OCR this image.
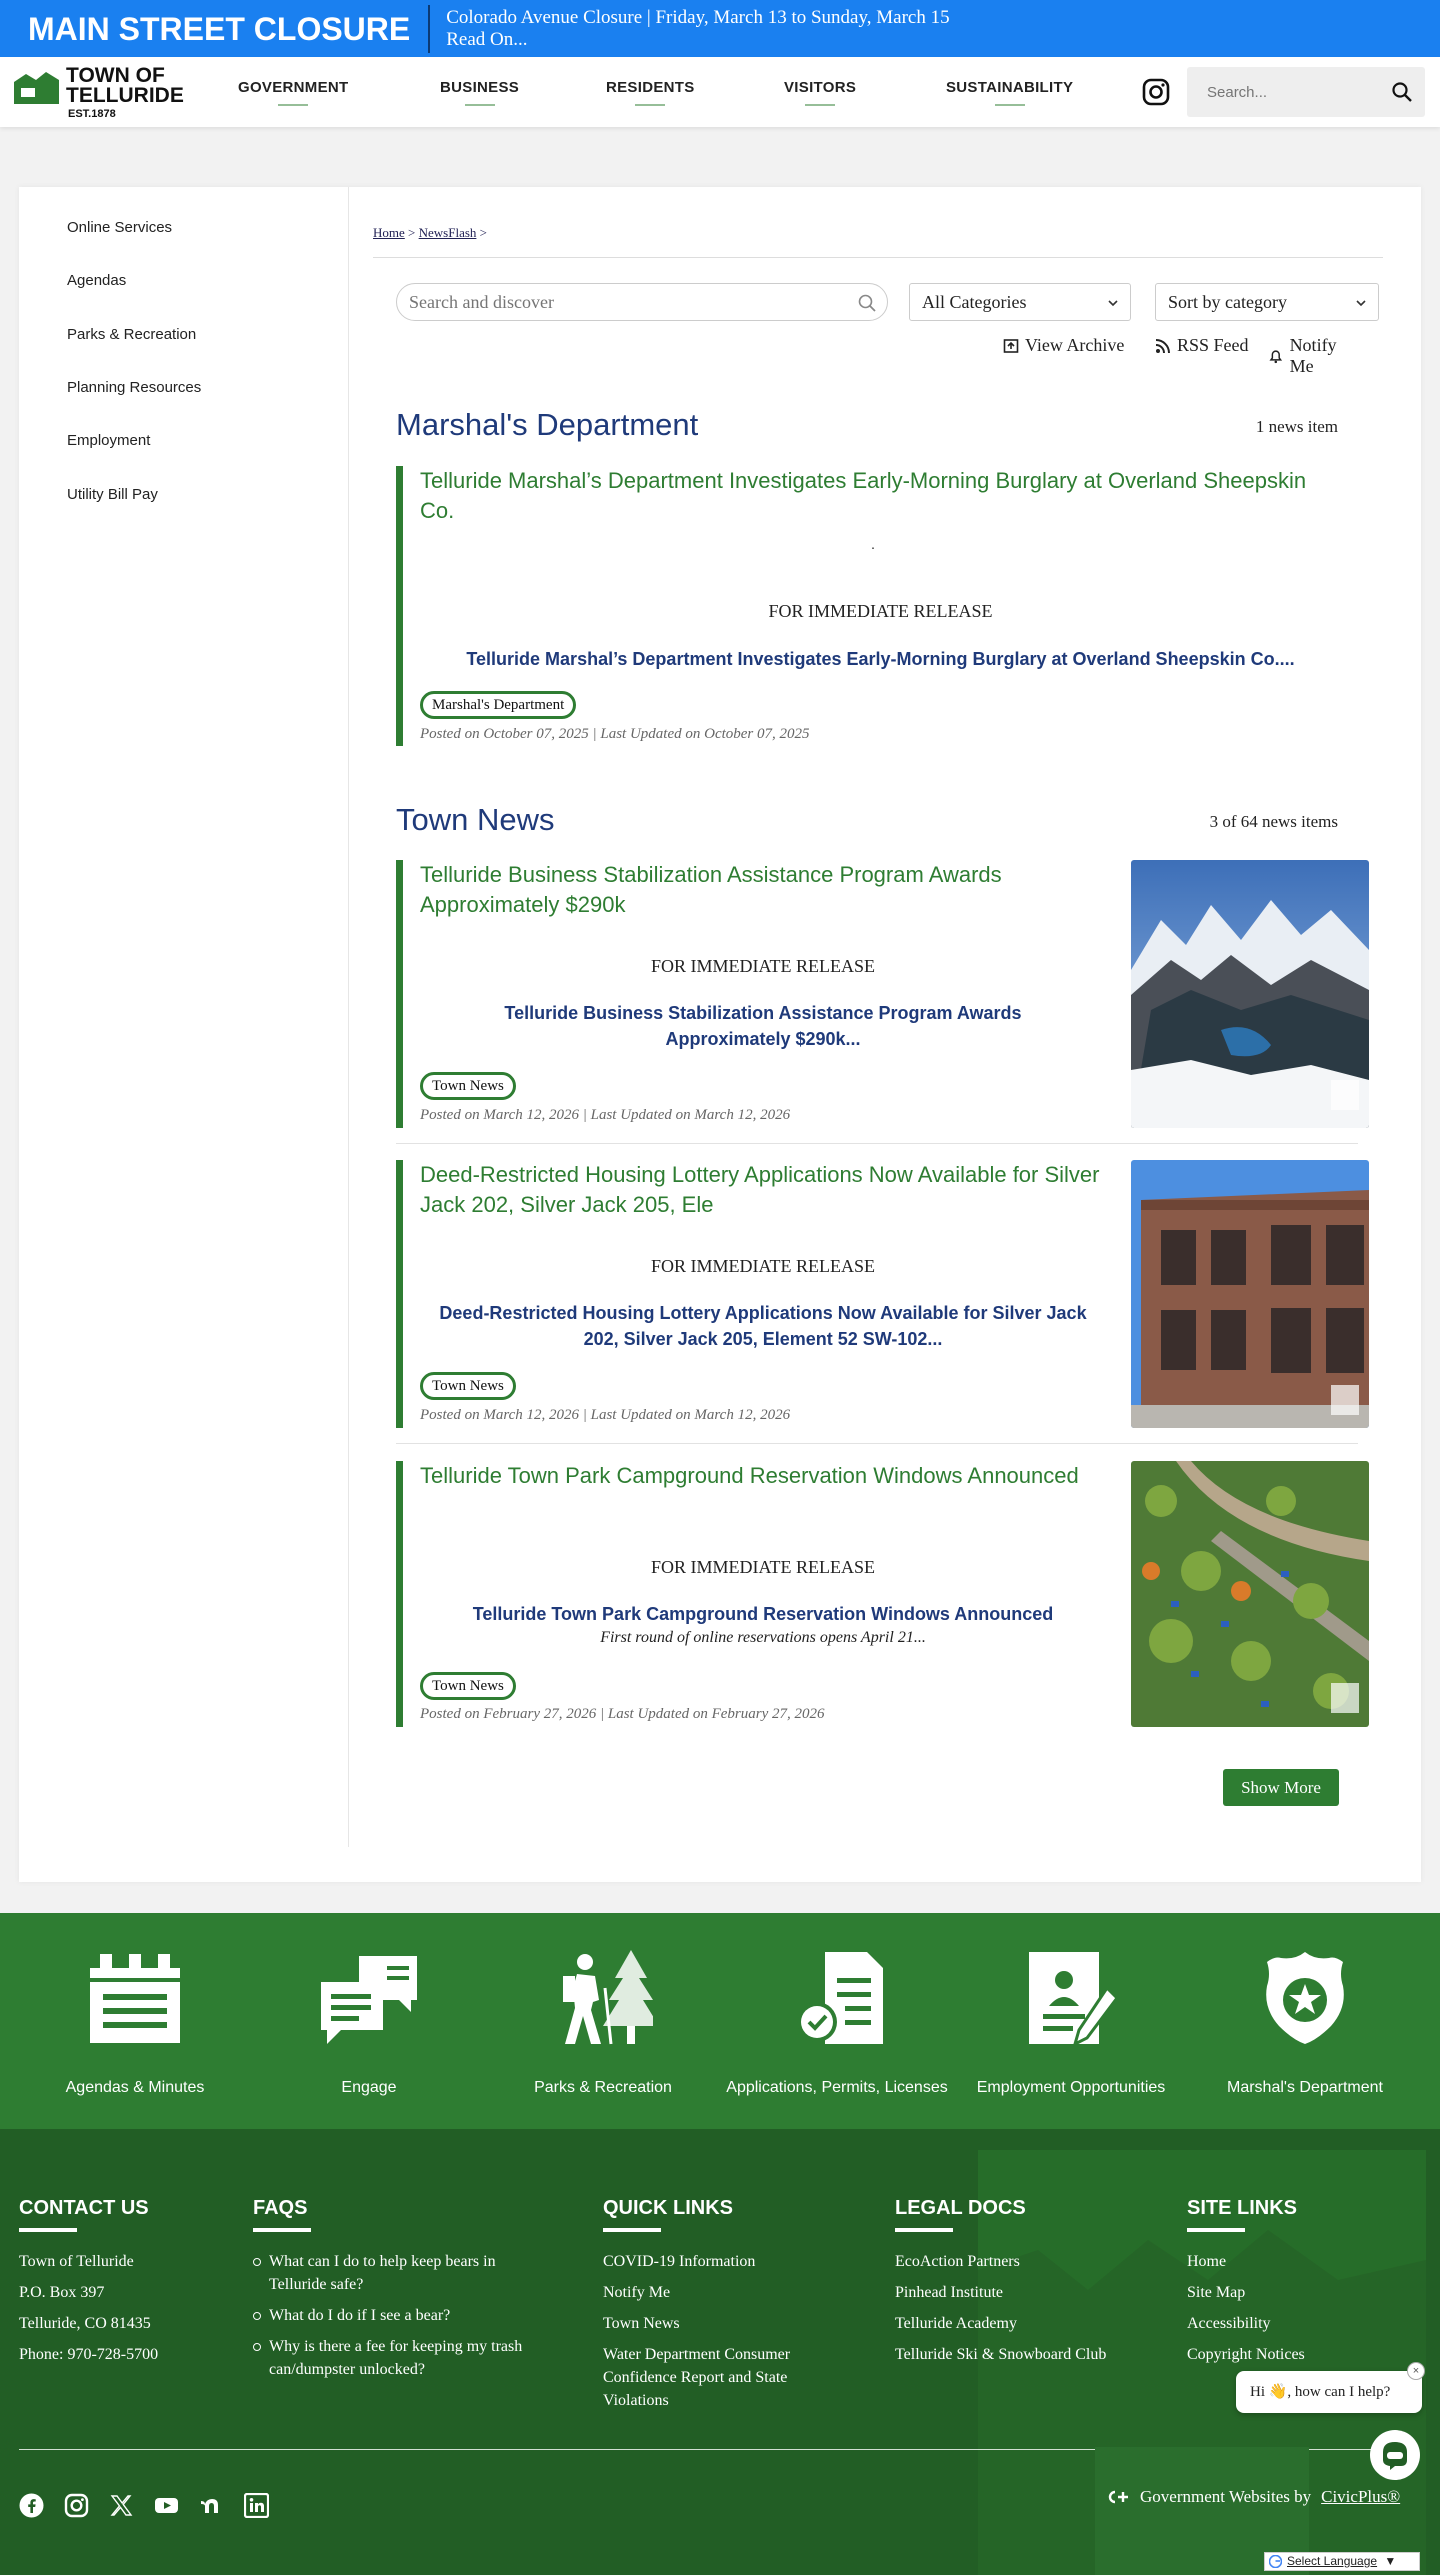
MAIN STREET CLOSURE	Colorado Avenue Closure | Friday, March 13 to Sunday, March 15
Read On...
TOWN OF
TELLURIDE
EST.1878
GOVERNMENT	BUSINESS	RESIDENTS	VISITORS	SUSTAINABILITY
Search...
Online Services
Agendas
Parks & Recreation
Planning Resources
Employment
Utility Bill Pay
Home > NewsFlash >
Search and discover
All Categories	Sort by category
View Archive	RSS Feed Notify Me
Marshal's Department	1 news item
Telluride Marshal’s Department Investigates Early-Morning Burglary at Overland Sheepskin Co.
.
FOR IMMEDIATE RELEASE
Telluride Marshal’s Department Investigates Early-Morning Burglary at Overland Sheepskin Co....
Marshal's Department
Posted on October 07, 2025 | Last Updated on October 07, 2025
Town News	3 of 64 news items
Telluride Business Stabilization Assistance Program Awards Approximately $290k
FOR IMMEDIATE RELEASE
Telluride Business Stabilization Assistance Program Awards Approximately $290k...
Town News
Posted on March 12, 2026 | Last Updated on March 12, 2026
Deed-Restricted Housing Lottery Applications Now Available for Silver Jack 202, Silver Jack 205, Ele
FOR IMMEDIATE RELEASE
Deed-Restricted Housing Lottery Applications Now Available for Silver Jack 202, Silver Jack 205, Element 52 SW-102...
Town News
Posted on March 12, 2026 | Last Updated on March 12, 2026
Telluride Town Park Campground Reservation Windows Announced
FOR IMMEDIATE RELEASE
Telluride Town Park Campground Reservation Windows Announced
First round of online reservations opens April 21...
Town News
Posted on February 27, 2026 | Last Updated on February 27, 2026
Show More
Agendas & Minutes	Engage	Parks & Recreation	Applications, Permits, Licenses	Employment Opportunities	Marshal's Department
CONTACT US
Town of Telluride
P.O. Box 397
Telluride, CO 81435
Phone: 970-728-5700
FAQS
What can I do to help keep bears in Telluride safe?
What do I do if I see a bear?
Why is there a fee for keeping my trash can/dumpster unlocked?
QUICK LINKS
COVID-19 Information
Notify Me
Town News
Water Department Consumer Confidence Report and State Violations
LEGAL DOCS
EcoAction Partners
Pinhead Institute
Telluride Academy
Telluride Ski & Snowboard Club
SITE LINKS
Home
Site Map
Accessibility
Copyright Notices
Government Websites by CivicPlus®
Hi 👋, how can I help?
×
Select Language ▼
